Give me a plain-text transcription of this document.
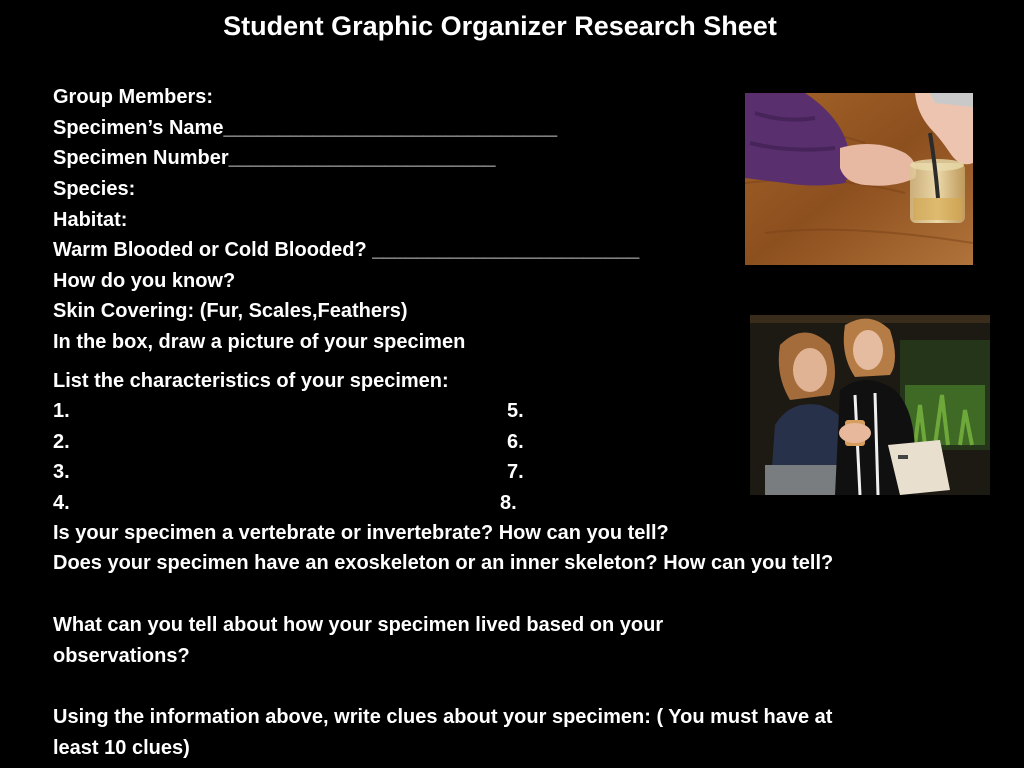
Student Graphic Organizer Research Sheet
Group Members:
Specimen’s Name______________________________
Specimen Number________________________
Species:
Habitat:
Warm Blooded or Cold Blooded? ________________________
How do you know?
Skin Covering: (Fur, Scales,Feathers)
In the box, draw a picture of your specimen
List the characteristics of your specimen:
1.
2.
3.
4.
5.
6.
7.
8.
Is your specimen a vertebrate or invertebrate? How can you tell?
Does your specimen have an exoskeleton or an inner skeleton? How can you tell?
What can you tell about how your specimen lived based on your observations?
Using the information above, write clues about your specimen: ( You must have at least 10 clues)
